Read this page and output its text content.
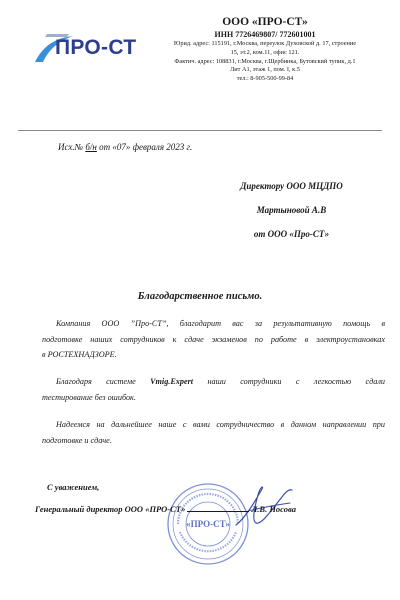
ПРО-СТ
ООО «ПРО-СТ»
ИНН 7726469807/ 772601001
Юрид. адрес: 115191, г.Москва, переулок Духовской д. 17, строение
15, эт.2, ком.11, офис 121.
Фактич. адрес: 108831, г.Москва, г.Щербинка, Бутовский тупик, д.1
Лит А1, этаж 1, пом. I, к.5
тел.: 8-905-500-99-84
Исх.№ б/н от «07» февраля 2023 г.
Директору ООО МЦДПО
Мартыновой А.В
от ООО «Про-СТ»
Благодарственное письмо.
Компания ООО ”Про-СТ”, благодарит вас за результативную помощь в
подготовке наших сотрудников к сдаче экзаменов по работе в электроустановках
в РОСТЕХНАДЗОРЕ.
Благодаря системе Vmig.Expert наши сотрудники с легкостью сдали
тестирование без ошибок.
Надеемся на дальнейшее наше с вами сотрудничество в данном направлении при
подготовке и сдаче.
С уважением,
«ПРО-СТ»
Генеральный директор ООО «ПРО-СТ»	Л.В. Носова
